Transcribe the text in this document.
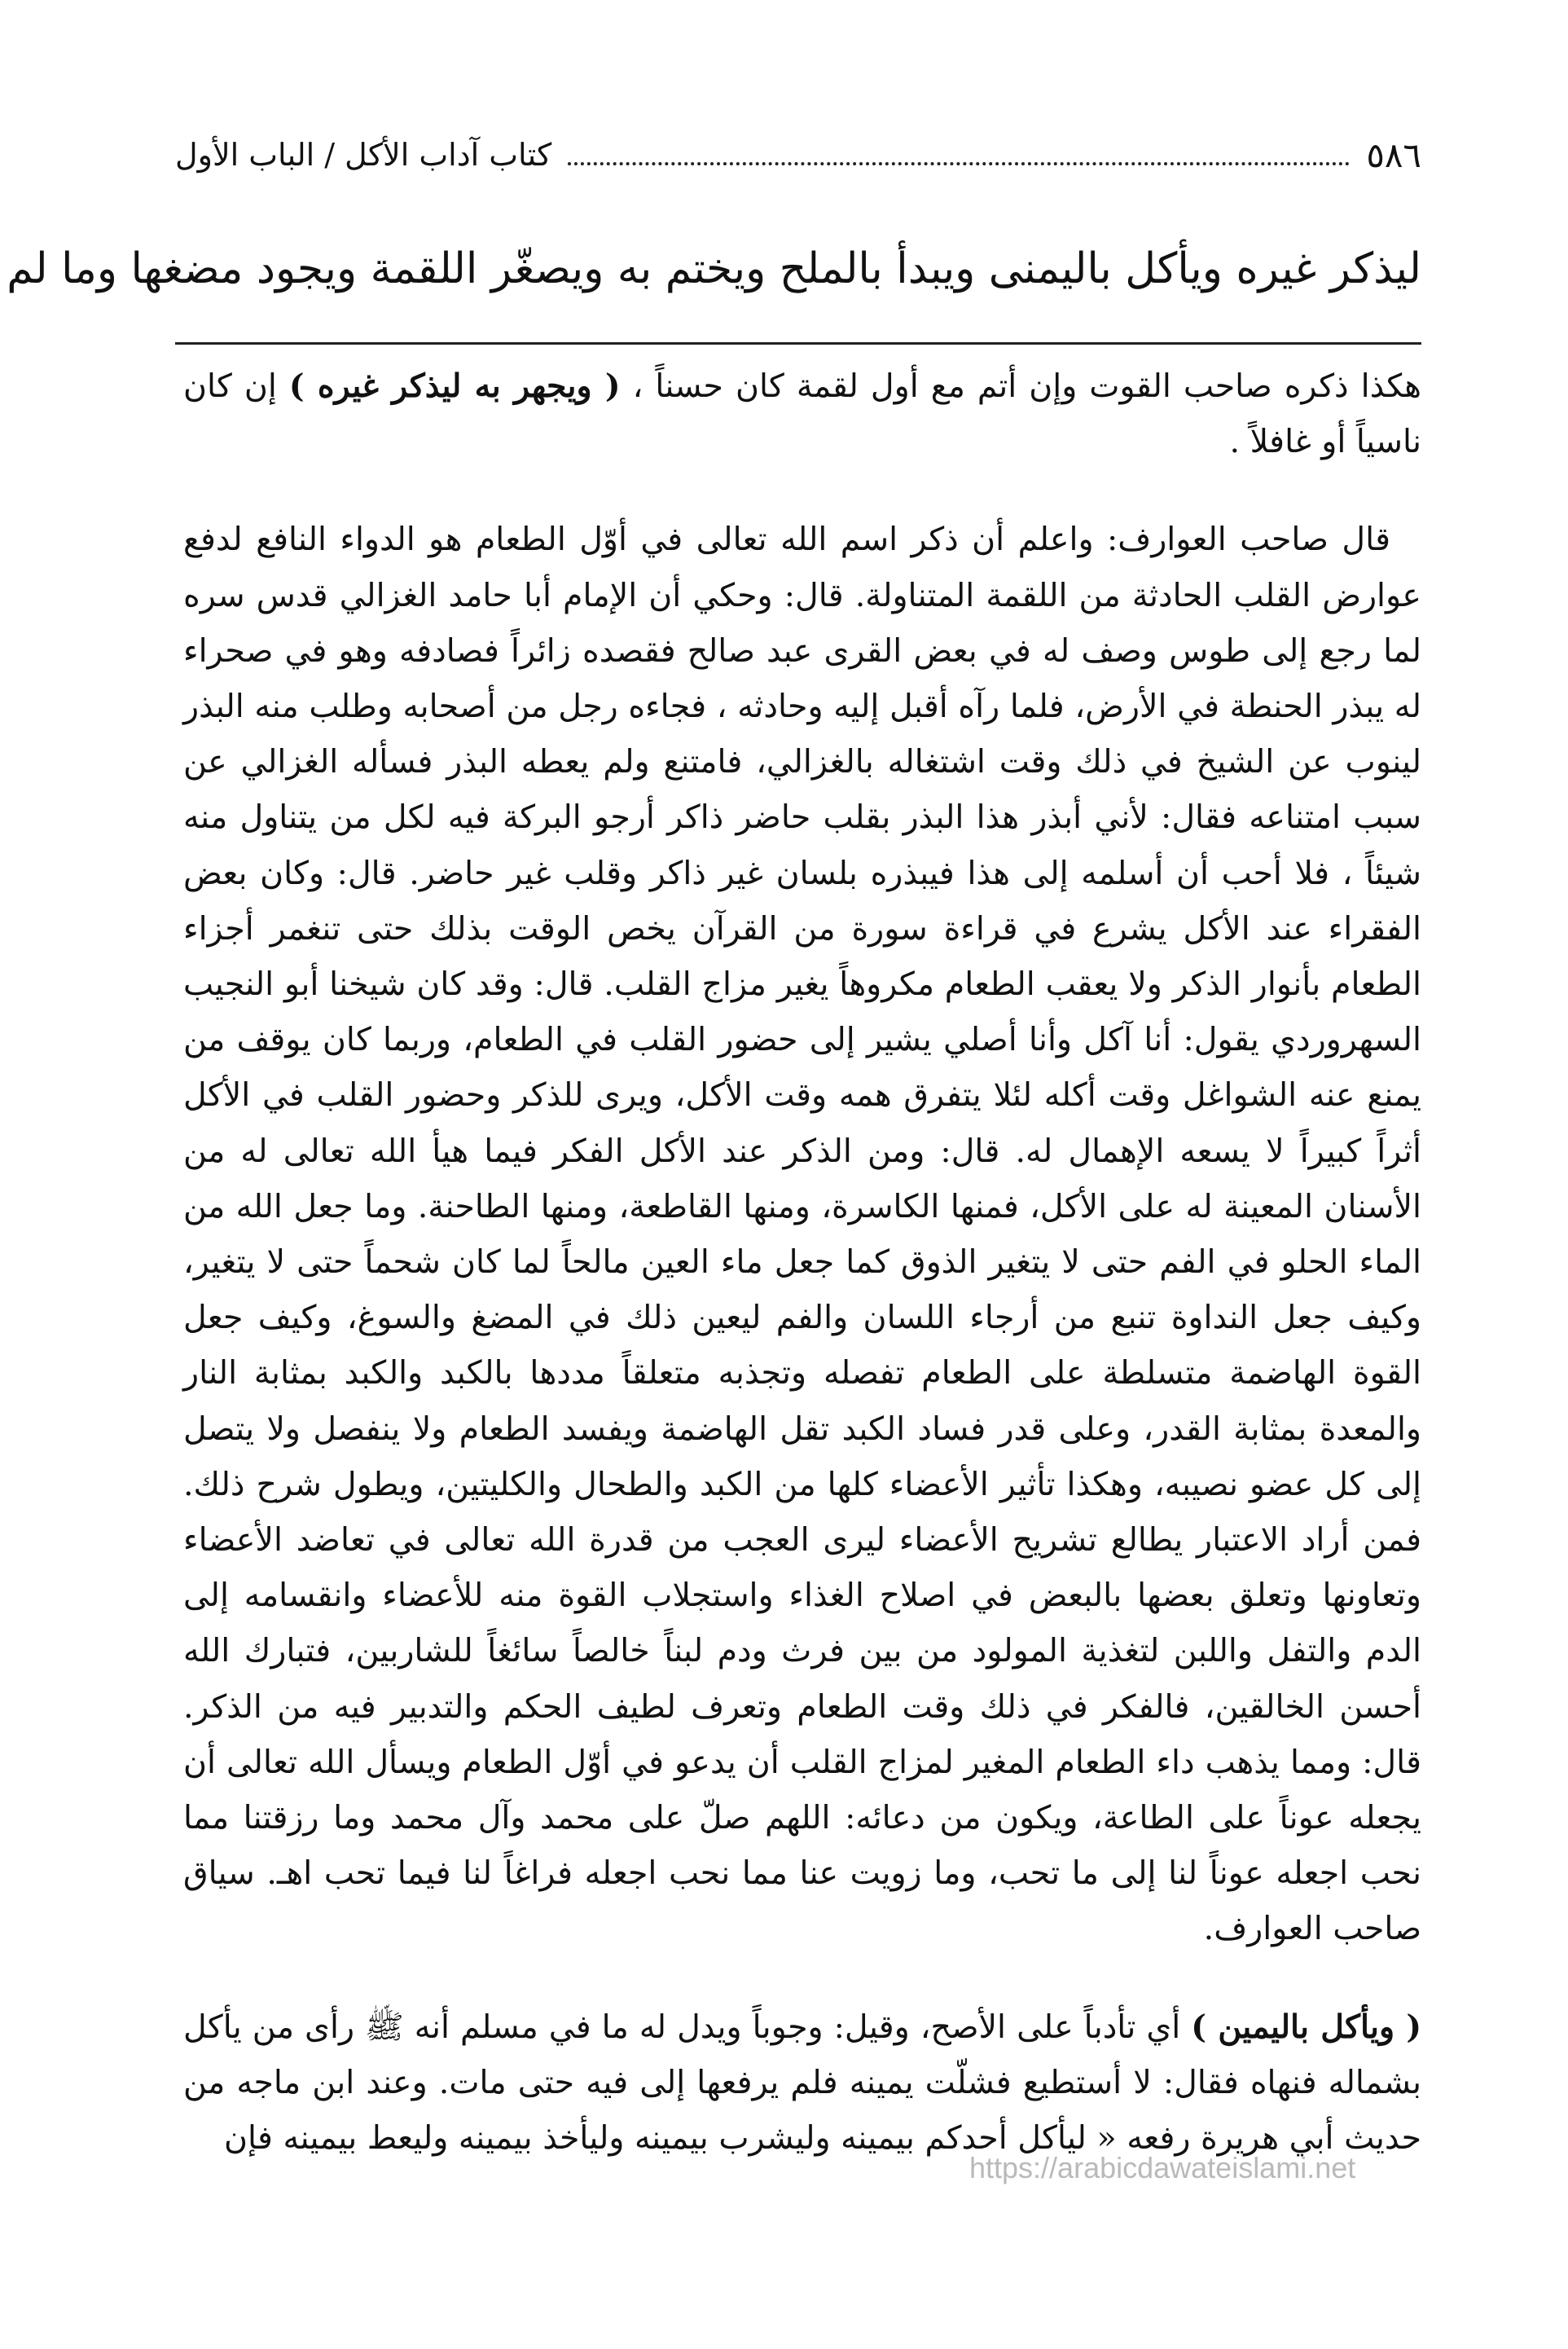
٥٨٦
كتاب آداب الأكل / الباب الأول
ليذكر غيره ويأكل باليمنى ويبدأ بالملح ويختم به ويصغّر اللقمة ويجود مضغها وما لم

هكذا ذكره صاحب القوت وإن أتم مع أول لقمة كان حسناً ، ( ويجهر به ليذكر غيره ) إن كان ناسياً أو غافلاً .

قال صاحب العوارف: واعلم أن ذكر اسم الله تعالى في أوّل الطعام هو الدواء النافع لدفع عوارض القلب الحادثة من اللقمة المتناولة. قال: وحكي أن الإمام أبا حامد الغزالي قدس سره لما رجع إلى طوس وصف له في بعض القرى عبد صالح فقصده زائراً فصادفه وهو في صحراء له يبذر الحنطة في الأرض، فلما رآه أقبل إليه وحادثه ، فجاءه رجل من أصحابه وطلب منه البذر لينوب عن الشيخ في ذلك وقت اشتغاله بالغزالي، فامتنع ولم يعطه البذر فسأله الغزالي عن سبب امتناعه فقال: لأني أبذر هذا البذر بقلب حاضر ذاكر أرجو البركة فيه لكل من يتناول منه شيئاً ، فلا أحب أن أسلمه إلى هذا فيبذره بلسان غير ذاكر وقلب غير حاضر. قال: وكان بعض الفقراء عند الأكل يشرع في قراءة سورة من القرآن يخص الوقت بذلك حتى تنغمر أجزاء الطعام بأنوار الذكر ولا يعقب الطعام مكروهاً يغير مزاج القلب. قال: وقد كان شيخنا أبو النجيب السهروردي يقول: أنا آكل وأنا أصلي يشير إلى حضور القلب في الطعام، وربما كان يوقف من يمنع عنه الشواغل وقت أكله لئلا يتفرق همه وقت الأكل، ويرى للذكر وحضور القلب في الأكل أثراً كبيراً لا يسعه الإهمال له. قال: ومن الذكر عند الأكل الفكر فيما هيأ الله تعالى له من الأسنان المعينة له على الأكل، فمنها الكاسرة، ومنها القاطعة، ومنها الطاحنة. وما جعل الله من الماء الحلو في الفم حتى لا يتغير الذوق كما جعل ماء العين مالحاً لما كان شحماً حتى لا يتغير، وكيف جعل النداوة تنبع من أرجاء اللسان والفم ليعين ذلك في المضغ والسوغ، وكيف جعل القوة الهاضمة متسلطة على الطعام تفصله وتجذبه متعلقاً مددها بالكبد والكبد بمثابة النار والمعدة بمثابة القدر، وعلى قدر فساد الكبد تقل الهاضمة ويفسد الطعام ولا ينفصل ولا يتصل إلى كل عضو نصيبه، وهكذا تأثير الأعضاء كلها من الكبد والطحال والكليتين، ويطول شرح ذلك. فمن أراد الاعتبار يطالع تشريح الأعضاء ليرى العجب من قدرة الله تعالى في تعاضد الأعضاء وتعاونها وتعلق بعضها بالبعض في اصلاح الغذاء واستجلاب القوة منه للأعضاء وانقسامه إلى الدم والتفل واللبن لتغذية المولود من بين فرث ودم لبناً خالصاً سائغاً للشاربين، فتبارك الله أحسن الخالقين، فالفكر في ذلك وقت الطعام وتعرف لطيف الحكم والتدبير فيه من الذكر. قال: ومما يذهب داء الطعام المغير لمزاج القلب أن يدعو في أوّل الطعام ويسأل الله تعالى أن يجعله عوناً على الطاعة، ويكون من دعائه: اللهم صلّ على محمد وآل محمد وما رزقتنا مما نحب اجعله عوناً لنا إلى ما تحب، وما زويت عنا مما نحب اجعله فراغاً لنا فيما تحب اهـ. سياق صاحب العوارف.

( ويأكل باليمين ) أي تأدباً على الأصح، وقيل: وجوباً ويدل له ما في مسلم أنه ﷺ رأى من يأكل بشماله فنهاه فقال: لا أستطيع فشلّت يمينه فلم يرفعها إلى فيه حتى مات. وعند ابن ماجه من حديث أبي هريرة رفعه « ليأكل أحدكم بيمينه وليشرب بيمينه وليأخذ بيمينه وليعط بيمينه فإن

https://arabicdawateislami.net
